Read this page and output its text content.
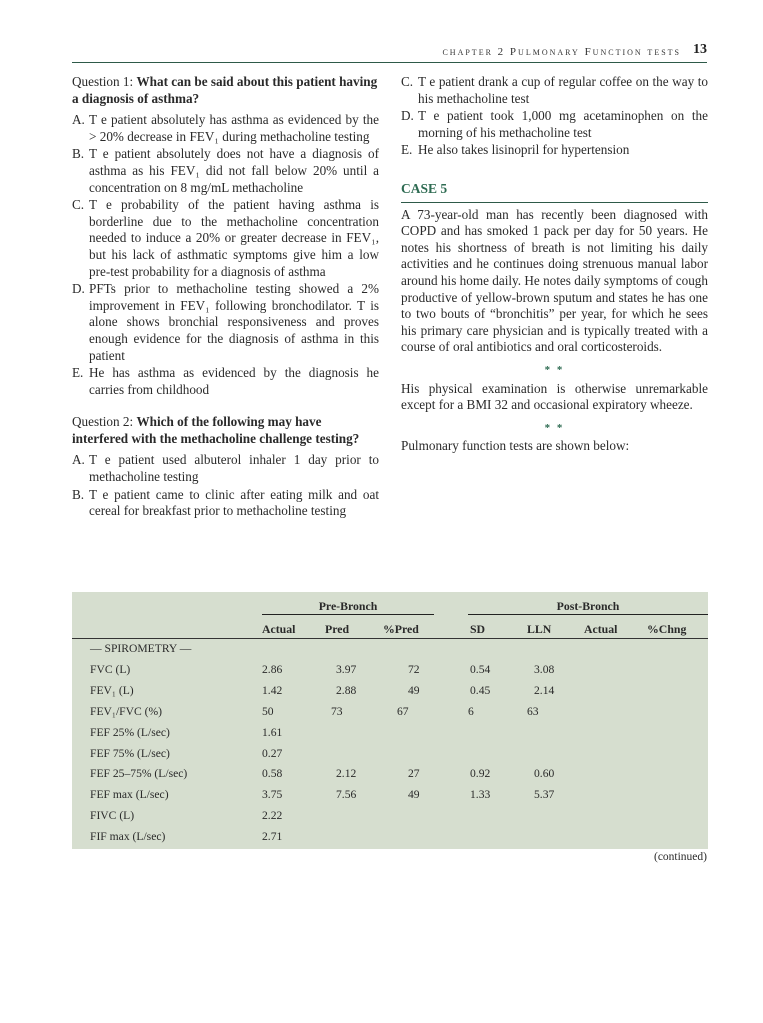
chapter 2 Pulmonary Function tests 13

Question 1: What can be said about this patient having a diagnosis of asthma?

A. T e patient absolutely has asthma as evidenced by the > 20% decrease in FEV₁ during methacholine testing
B. T e patient absolutely does not have a diagnosis of asthma as his FEV₁ did not fall below 20% until a concentration on 8 mg/mL methacholine
C. T e probability of the patient having asthma is borderline due to the methacholine concentration needed to induce a 20% or greater decrease in FEV₁, but his lack of asthmatic symptoms give him a low pre-test probability for a diagnosis of asthma
D. PFTs prior to methacholine testing showed a 2% improvement in FEV₁ following bronchodilator. T is alone shows bronchial responsiveness and proves enough evidence for the diagnosis of asthma in this patient
E. He has asthma as evidenced by the diagnosis he carries from childhood

Question 2: Which of the following may have interfered with the methacholine challenge testing?

A. T e patient used albuterol inhaler 1 day prior to methacholine testing
B. T e patient came to clinic after eating milk and oat cereal for breakfast prior to methacholine testing
C. T e patient drank a cup of regular coffee on the way to his methacholine test
D. T e patient took 1,000 mg acetaminophen on the morning of his methacholine test
E. He also takes lisinopril for hypertension
CASE 5

A 73-year-old man has recently been diagnosed with COPD and has smoked 1 pack per day for 50 years. He notes his shortness of breath is not limiting his daily activities and he continues doing strenuous manual labor around his home daily. He notes daily symptoms of cough productive of yellow-brown sputum and states he has one to two bouts of “bronchitis” per year, for which he sees his primary care physician and is typically treated with a course of oral antibiotics and oral corticosteroids.

* *

His physical examination is otherwise unremarkable except for a BMI 32 and occasional expiratory wheeze.

* *

Pulmonary function tests are shown below:

Pre-Bronch	Post-Bronch
Actual	Pred	%Pred	SD	LLN	Actual	%Chng
— SPIROMETRY —
FVC (L)	2.86	3.97	72	0.54	3.08
FEV₁ (L)	1.42	2.88	49	0.45	2.14
FEV₁/FVC (%)	50	73	67	6	63
FEF 25% (L/sec)	1.61
FEF 75% (L/sec)	0.27
FEF 25–75% (L/sec)	0.58	2.12	27	0.92	0.60
FEF max (L/sec)	3.75	7.56	49	1.33	5.37
FIVC (L)	2.22
FIF max (L/sec)	2.71
(continued)
